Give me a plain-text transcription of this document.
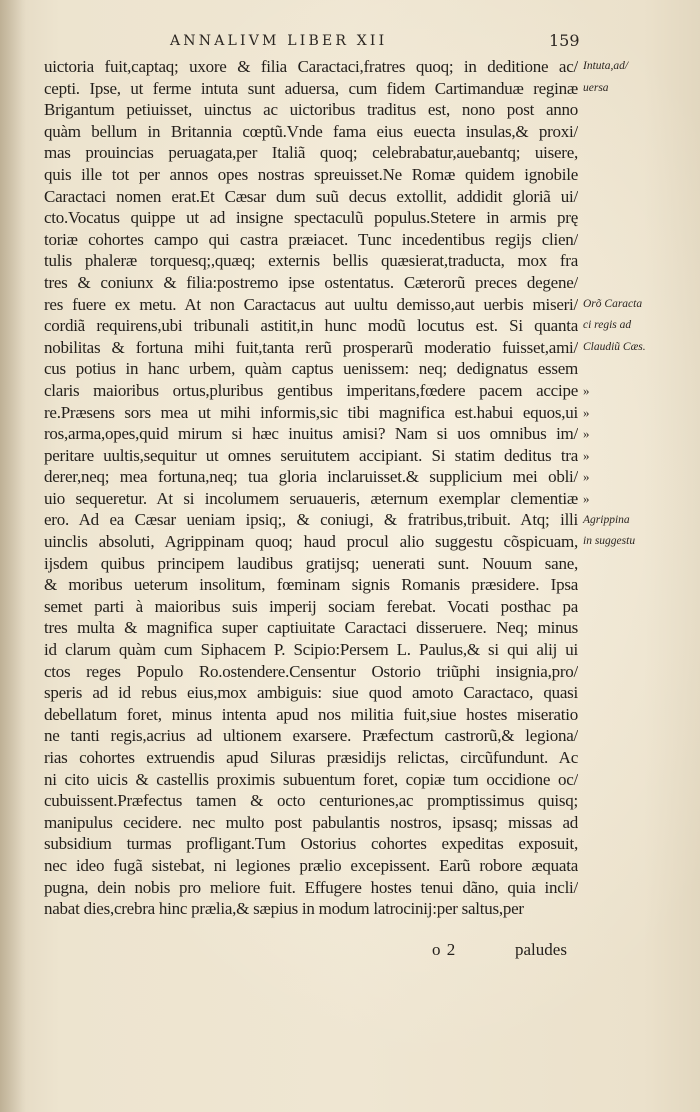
ANNALIVM LIBER XII	159
uictoria fuit,captaq; uxore & filia Caractaci,fratres quoq; in deditione ac/
cepti. Ipse, ut ferme intuta sunt aduersa, cum fidem Cartimanduæ reginæ
Brigantum petiuisset, uinctus ac uictoribus traditus est, nono post anno
quàm bellum in Britannia cœptũ.Vnde fama eius euecta insulas,& proxi/
mas prouincias peruagata,per Italiã quoq; celebrabatur,auebantq; uisere,
quis ille tot per annos opes nostras spreuisset.Ne Romæ quidem ignobile
Caractaci nomen erat.Et Cæsar dum suũ decus extollit, addidit gloriã ui/
cto.Vocatus quippe ut ad insigne spectaculũ populus.Stetere in armis prę
toriæ cohortes campo qui castra præiacet. Tunc incedentibus regijs clien/
tulis phaleræ torquesq;,quæq; externis bellis quæsierat,traducta, mox fra
tres & coniunx & filia:postremo ipse ostentatus. Cæterorũ preces degene/
res fuere ex metu. At non Caractacus aut uultu demisso,aut uerbis miseri/
cordiã requirens,ubi tribunali astitit,in hunc modũ locutus est. Si quanta
nobilitas & fortuna mihi fuit,tanta rerũ prosperarũ moderatio fuisset,ami/
cus potius in hanc urbem, quàm captus uenissem: neq; dedignatus essem
claris maioribus ortus,pluribus gentibus imperitans,fœdere pacem accipe
re.Præsens sors mea ut mihi informis,sic tibi magnifica est.habui equos,ui
ros,arma,opes,quid mirum si hæc inuitus amisi? Nam si uos omnibus im/
peritare uultis,sequitur ut omnes seruitutem accipiant. Si statim deditus tra
derer,neq; mea fortuna,neq; tua gloria inclaruisset.& supplicium mei obli/
uio sequeretur. At si incolumem seruaueris, æternum exemplar clementiæ
ero. Ad ea Cæsar ueniam ipsiq;, & coniugi, & fratribus,tribuit. Atq; illi
uinclis absoluti, Agrippinam quoq; haud procul alio suggestu cõspicuam,
ijsdem quibus principem laudibus gratijsq; uenerati sunt. Nouum sane,
& moribus ueterum insolitum, fœminam signis Romanis præsidere. Ipsa
semet parti à maioribus suis imperij sociam ferebat. Vocati posthac pa
tres multa & magnifica super captiuitate Caractaci disseruere. Neq; minus
id clarum quàm cum Siphacem P. Scipio:Persem L. Paulus,& si qui alij ui
ctos reges Populo Ro.ostendere.Censentur Ostorio triũphi insignia,pro/
speris ad id rebus eius,mox ambiguis: siue quod amoto Caractaco, quasi
debellatum foret, minus intenta apud nos militia fuit,siue hostes miseratio
ne tanti regis,acrius ad ultionem exarsere. Præfectum castrorũ,& legiona/
rias cohortes extruendis apud Siluras præsidijs relictas, circũfundunt. Ac
ni cito uicis & castellis proximis subuentum foret, copiæ tum occidione oc/
cubuissent.Præfectus tamen & octo centuriones,ac promptissimus quisq;
manipulus cecidere. nec multo post pabulantis nostros, ipsasq; missas ad
subsidium turmas profligant.Tum Ostorius cohortes expeditas exposuit,
nec ideo fugã sistebat, ni legiones prælio excepissent. Earũ robore æquata
pugna, dein nobis pro meliore fuit. Effugere hostes tenui dãno, quia incli/
nabat dies,crebra hinc prælia,& sæpius in modum latrocinij:per saltus,per
Intuta,ad/
uersa
Orõ Caracta
ci regis ad
Claudiũ Cæs.
Agrippina
in suggestu
»
»
»
»
»
»
o 2	paludes
